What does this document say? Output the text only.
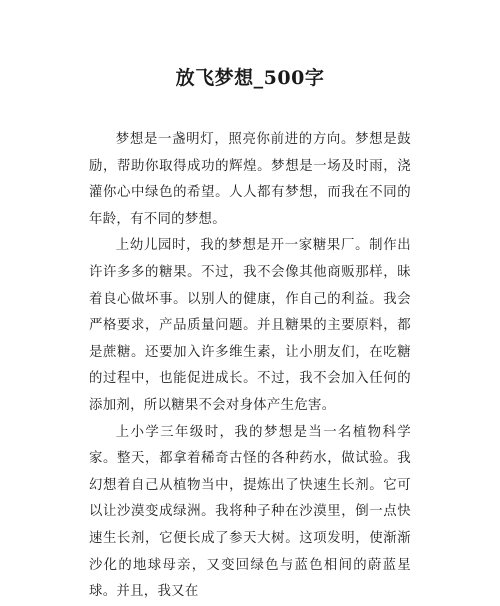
放飞梦想_500字

梦想是一盏明灯，照亮你前进的方向。梦想是鼓励，帮助你取得成功的辉煌。梦想是一场及时雨，浇灌你心中绿色的希望。人人都有梦想，而我在不同的年龄，有不同的梦想。

上幼儿园时，我的梦想是开一家糖果厂。制作出许许多多的糖果。不过，我不会像其他商贩那样，昧着良心做坏事。以别人的健康，作自己的利益。我会严格要求，产品质量问题。并且糖果的主要原料，都是蔗糖。还要加入许多维生素，让小朋友们，在吃糖的过程中，也能促进成长。不过，我不会加入任何的添加剂，所以糖果不会对身体产生危害。

上小学三年级时，我的梦想是当一名植物科学家。整天，都拿着稀奇古怪的各种药水，做试验。我幻想着自己从植物当中，提炼出了快速生长剂。它可以让沙漠变成绿洲。我将种子种在沙漠里，倒一点快速生长剂，它便长成了参天大树。这项发明，使渐渐沙化的地球母亲，又变回绿色与蓝色相间的蔚蓝星球。并且，我又在
